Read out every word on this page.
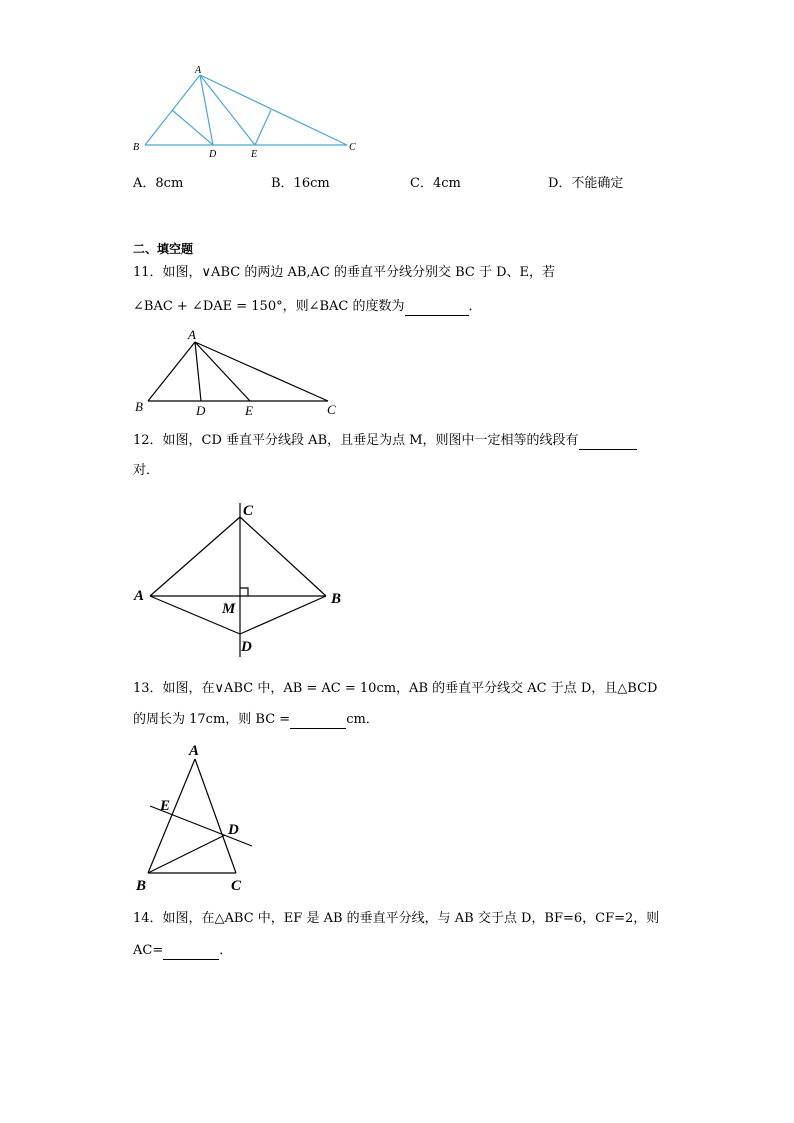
A
B
D	E
C
A．8cm	B．16cm	C．4cm	D．不能确定
二、填空题
11．如图，∨ABC 的两边 AB,AC 的垂直平分线分别交 BC 于 D、E，若
∠BAC + ∠DAE = 150°，则∠BAC 的度数为	．
A
B	D	E	C
12．如图，CD 垂直平分线段 AB，且垂足为点 M，则图中一定相等的线段有
对．
C
A	B
M
D
13．如图，在∨ABC 中，AB = AC = 10cm，AB 的垂直平分线交 AC 于点 D，且△BCD
的周长为 17cm，则 BC =	cm．
A
E
D
B	C
14．如图，在△ABC 中，EF 是 AB 的垂直平分线，与 AB 交于点 D，BF=6，CF=2，则
AC=	．
